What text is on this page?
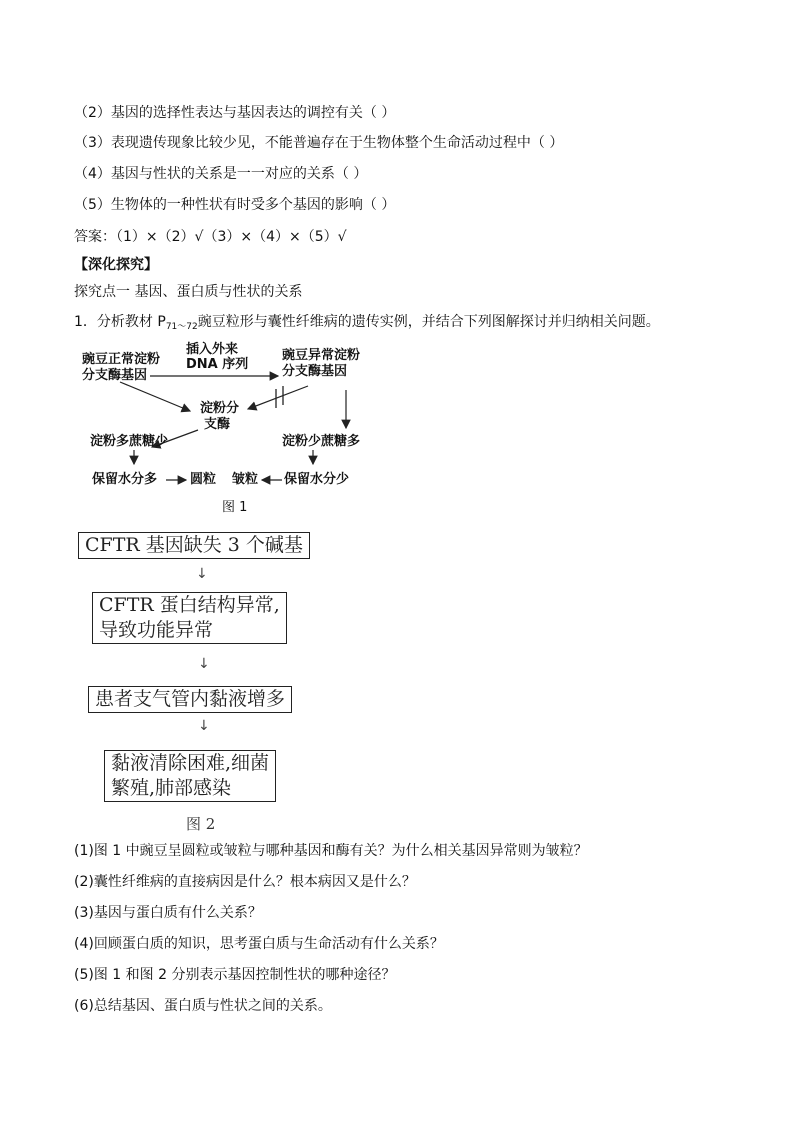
（2）基因的选择性表达与基因表达的调控有关（ ）
（3）表现遗传现象比较少见，不能普遍存在于生物体整个生命活动过程中（ ）
（4）基因与性状的关系是一一对应的关系（ ）
（5）生物体的一种性状有时受多个基因的影响（ ）
答案：（1）×（2）√（3）×（4）×（5）√
【深化探究】
探究点一 基因、蛋白质与性状的关系
1．分析教材 $P_{71\sim 72}$豌豆粒形与囊性纤维病的遗传实例，并结合下列图解探讨并归纳相关问题。
豌豆正常淀粉
分支酶基因
插入外来
DNA 序列
豌豆异常淀粉
分支酶基因
淀粉分
支酶
淀粉多蔗糖少	淀粉少蔗糖多
保留水分多	圆粒 皱粒 保留水分少
图 1
CFTR 基因缺失 3 个碱基
↓
CFTR 蛋白结构异常,
导致功能异常
↓
患者支气管内黏液增多
↓
黏液清除困难,细菌
繁殖,肺部感染
图 2
(1)图 1 中豌豆呈圆粒或皱粒与哪种基因和酶有关？为什么相关基因异常则为皱粒？
(2)囊性纤维病的直接病因是什么？根本病因又是什么？
(3)基因与蛋白质有什么关系？
(4)回顾蛋白质的知识，思考蛋白质与生命活动有什么关系？
(5)图 1 和图 2 分别表示基因控制性状的哪种途径？
(6)总结基因、蛋白质与性状之间的关系。
